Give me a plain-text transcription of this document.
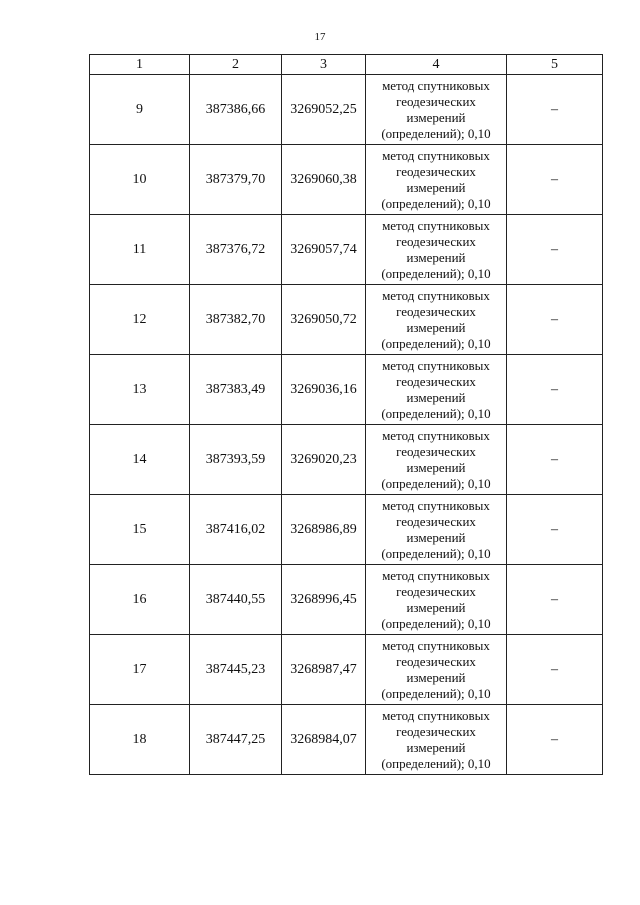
17
1	2	3	4	5
9	387386,66	3269052,25	метод спутниковых
геодезических
измерений
(определений); 0,10	–
10	387379,70	3269060,38	метод спутниковых
геодезических
измерений
(определений); 0,10	–
11	387376,72	3269057,74	метод спутниковых
геодезических
измерений
(определений); 0,10	–
12	387382,70	3269050,72	метод спутниковых
геодезических
измерений
(определений); 0,10	–
13	387383,49	3269036,16	метод спутниковых
геодезических
измерений
(определений); 0,10	–
14	387393,59	3269020,23	метод спутниковых
геодезических
измерений
(определений); 0,10	–
15	387416,02	3268986,89	метод спутниковых
геодезических
измерений
(определений); 0,10	–
16	387440,55	3268996,45	метод спутниковых
геодезических
измерений
(определений); 0,10	–
17	387445,23	3268987,47	метод спутниковых
геодезических
измерений
(определений); 0,10	–
18	387447,25	3268984,07	метод спутниковых
геодезических
измерений
(определений); 0,10	–
